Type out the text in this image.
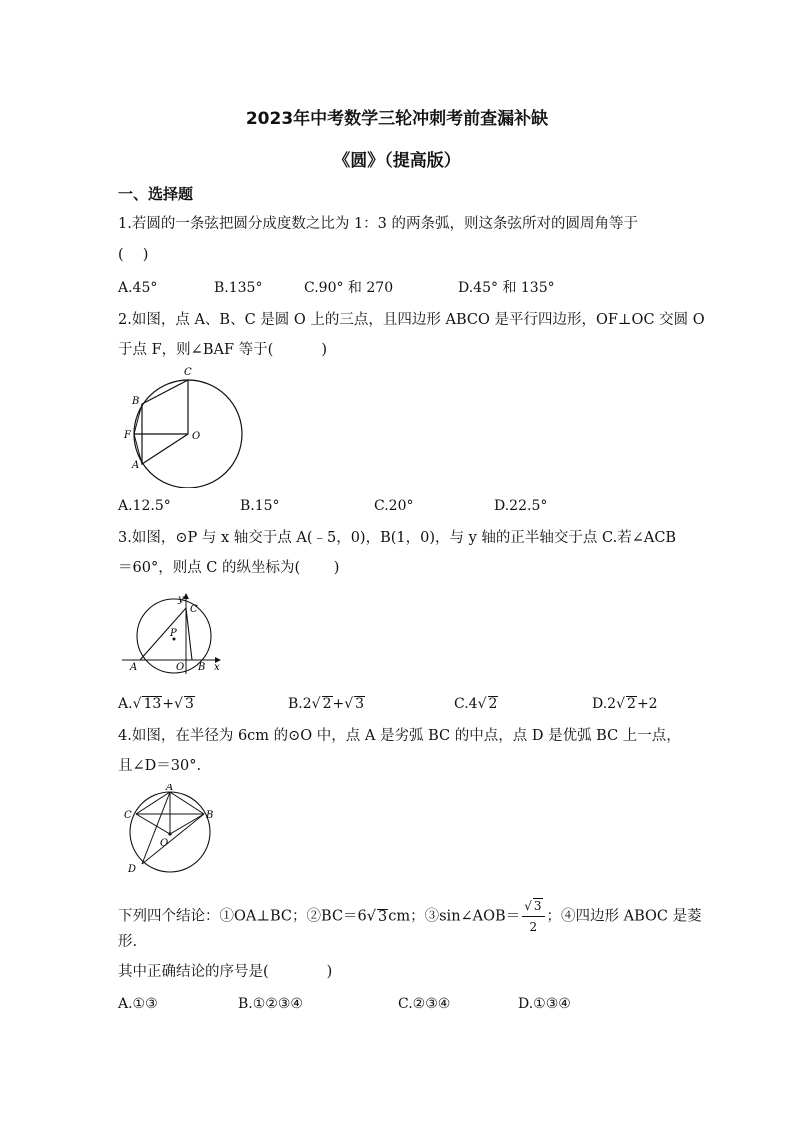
2023年中考数学三轮冲刺考前查漏补缺
《圆》（提高版）
一、选择题
1.若圆的一条弦把圆分成度数之比为 1：3 的两条弧，则这条弦所对的圆周角等于
(　 )
A.45°	B.135°	C.90° 和 270	D.45° 和 135°
2.如图，点 A、B、C 是圆 O 上的三点，且四边形 ABCO 是平行四边形，OF⊥OC 交圆 O
于点 F，则∠BAF 等于(　　　 )
C
B
F	O
A
A.12.5°	B.15°	C.20°	D.22.5°
3.如图，⊙P 与 x 轴交于点 A(﹣5，0)，B(1，0)，与 y 轴的正半轴交于点 C.若∠ACB
＝60°，则点 C 的纵坐标为(　　 )
y
C
P
A	O B x
A.√ 13+√ 3	B.2√ 2+√ 3	C.4√ 2	D.2√ 2+2
4.如图，在半径为 6cm 的⊙O 中，点 A 是劣弧 BC 的中点，点 D 是优弧 BC 上一点，
且∠D＝30°.
A
C	B
O
D
下列四个结论：①OA⊥BC；②BC＝6√ 3cm；③sin∠AOB＝ $\frac{√ 3}{2}$ ；④四边形 ABOC 是菱
形.
其中正确结论的序号是(　　　　)
A.①③	B.①②③④	C.②③④	D.①③④
